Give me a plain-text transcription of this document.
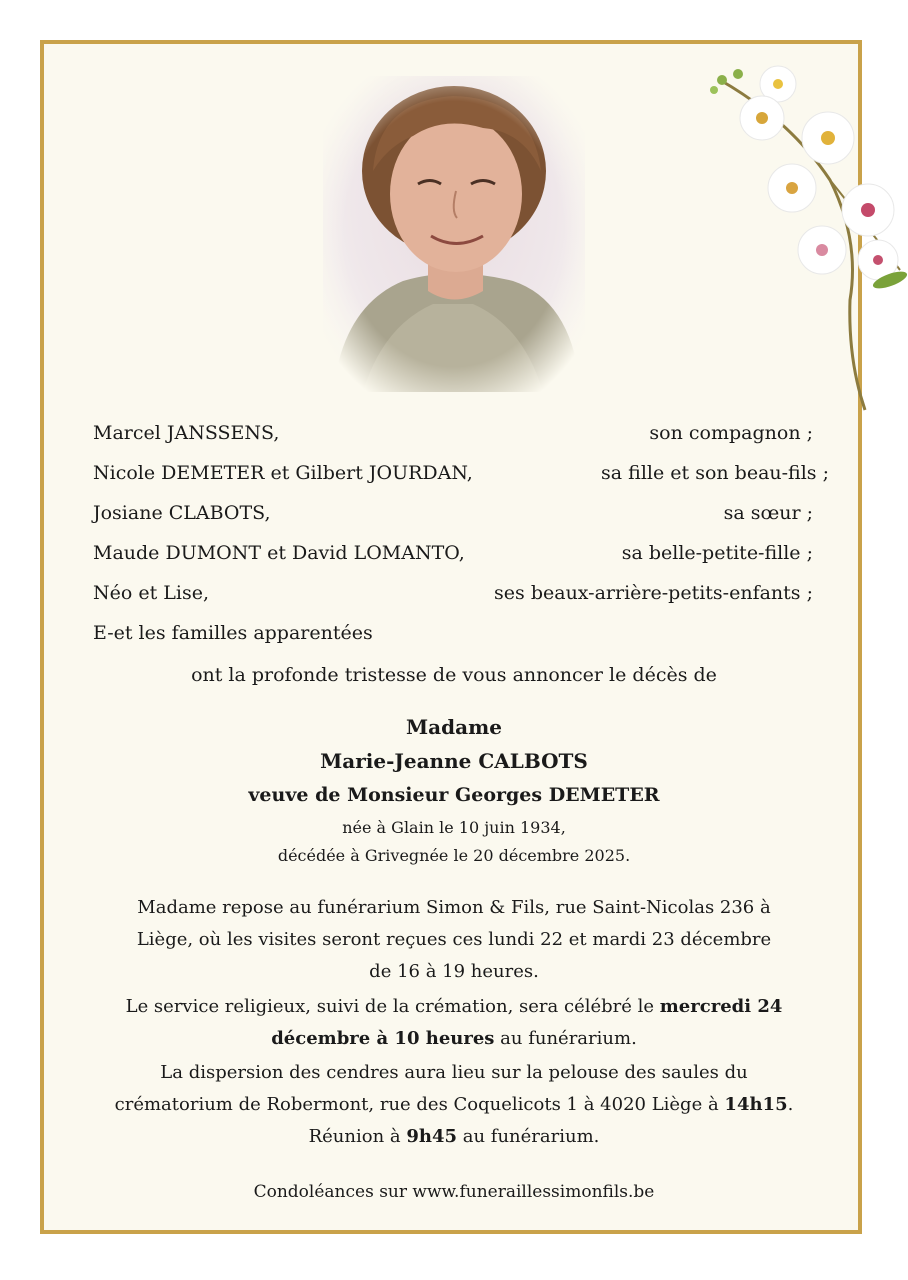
Marcel JANSSENS,	son compagnon ;
Nicole DEMETER et Gilbert JOURDAN,	sa fille et son beau-fils ;
Josiane CLABOTS,	sa sœur ;
Maude DUMONT et David LOMANTO,	sa belle-petite-fille ;
Néo et Lise,	ses beaux-arrière-petits-enfants ;
E-et les familles apparentées
ont la profonde tristesse de vous annoncer le décès de
Madame
Marie-Jeanne CALBOTS
veuve de Monsieur Georges DEMETER
née à Glain le 10 juin 1934,
décédée à Grivegnée le 20 décembre 2025.
Madame repose au funérarium Simon & Fils, rue Saint-Nicolas 236 à
Liège, où les visites seront reçues ces lundi 22 et mardi 23 décembre
de 16 à 19 heures.
Le service religieux, suivi de la crémation, sera célébré le mercredi 24
décembre à 10 heures au funérarium.
La dispersion des cendres aura lieu sur la pelouse des saules du
crématorium de Robermont, rue des Coquelicots 1 à 4020 Liège à 14h15.
Réunion à 9h45 au funérarium.
Condoléances sur www.funeraillessimonfils.be
